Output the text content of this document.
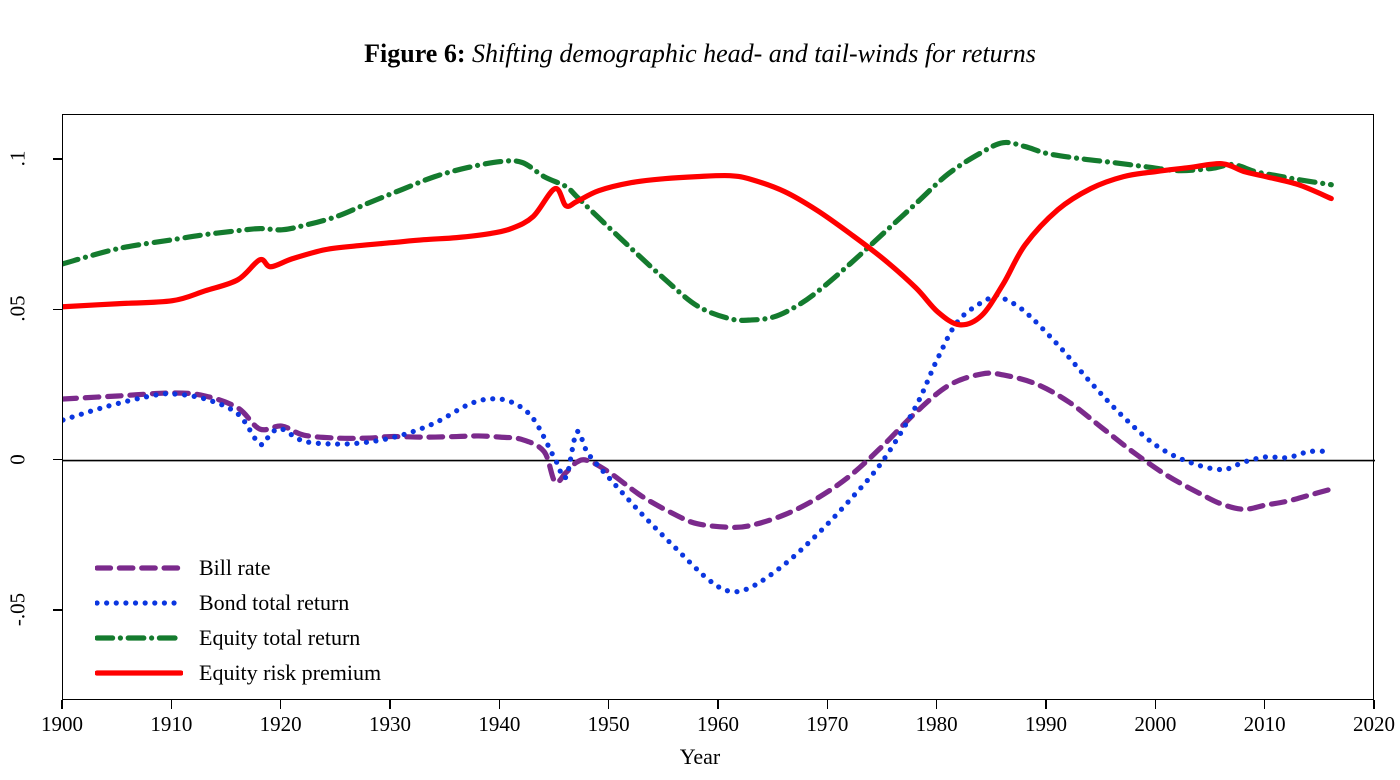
Figure 6: Shifting demographic head- and tail-winds for returns
-.05
0
.05
.1
1900	1910	1920	1930	1940	1950	1960	1970	1980	1990	2000	2010	2020
Year
Bill rate
Bond total return
Equity total return
Equity risk premium
